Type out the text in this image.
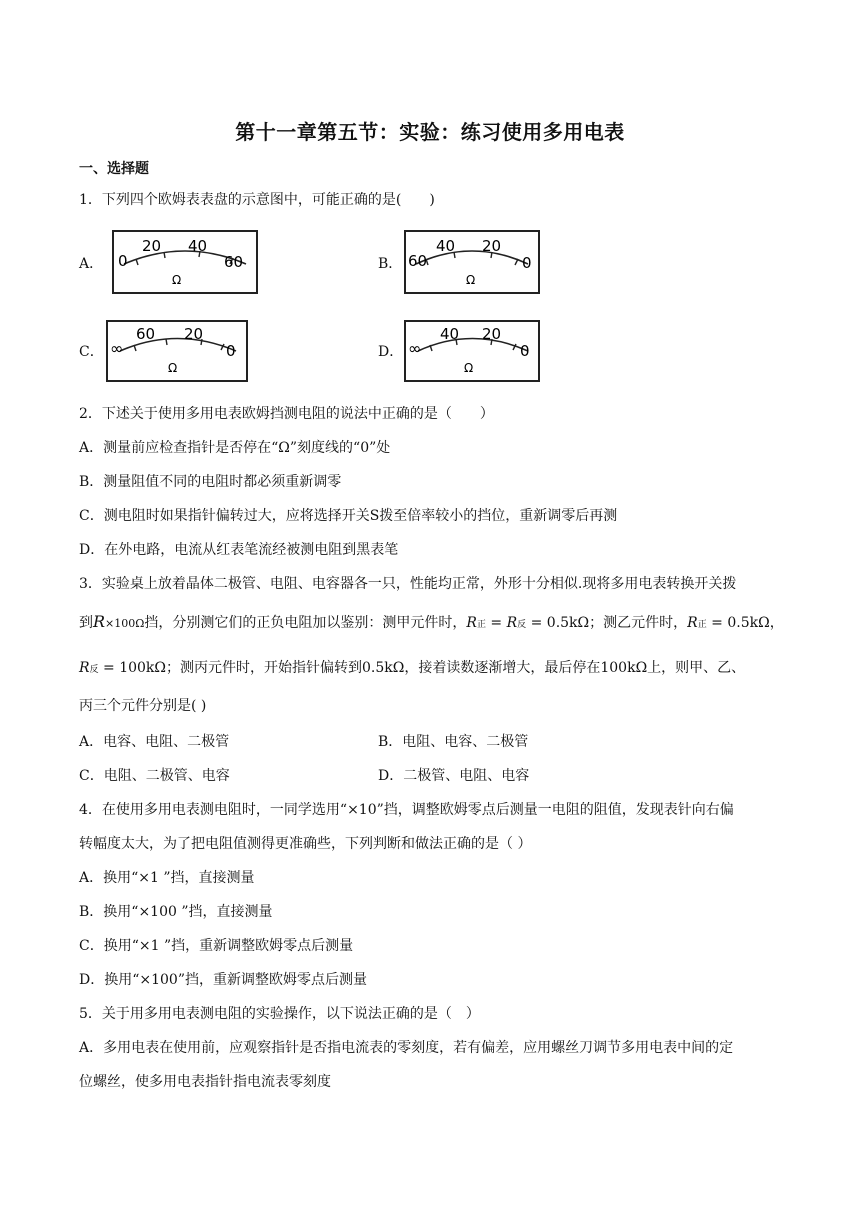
第十一章第五节：实验：练习使用多用电表
一、选择题
1．下列四个欧姆表表盘的示意图中，可能正确的是(　　)
A． 0
20 40
60
Ω
B． 60
40 20
0
Ω
C． ∞
60 20
0
Ω
D． ∞
40 20
0
Ω
2．下述关于使用多用电表欧姆挡测电阻的说法中正确的是（　　）
A．测量前应检查指针是否停在“Ω”刻度线的“0”处
B．测量阻值不同的电阻时都必须重新调零
C．测电阻时如果指针偏转过大，应将选择开关S拨至倍率较小的挡位，重新调零后再测
D．在外电路，电流从红表笔流经被测电阻到黑表笔
3．实验桌上放着晶体二极管、电阻、电容器各一只，性能均正常，外形十分相似.现将多用电表转换开关拨
到R×100Ω挡，分别测它们的正负电阻加以鉴别：测甲元件时，R正 = R反 = 0.5kΩ；测乙元件时，R正 = 0.5kΩ，
R反 = 100kΩ；测丙元件时，开始指针偏转到0.5kΩ，接着读数逐渐增大，最后停在100kΩ上，则甲、乙、
丙三个元件分别是( )
A．电容、电阻、二极管	B．电阻、电容、二极管
C．电阻、二极管、电容	D．二极管、电阻、电容
4．在使用多用电表测电阻时，一同学选用“×10”挡，调整欧姆零点后测量一电阻的阻值，发现表针向右偏
转幅度太大，为了把电阻值测得更准确些，下列判断和做法正确的是（ ）
A．换用“×1 ”挡，直接测量
B．换用“×100 ”挡，直接测量
C．换用“×1 ”挡，重新调整欧姆零点后测量
D．换用“×100”挡，重新调整欧姆零点后测量
5．关于用多用电表测电阻的实验操作，以下说法正确的是（　）
A．多用电表在使用前，应观察指针是否指电流表的零刻度，若有偏差，应用螺丝刀调节多用电表中间的定
位螺丝，使多用电表指针指电流表零刻度
